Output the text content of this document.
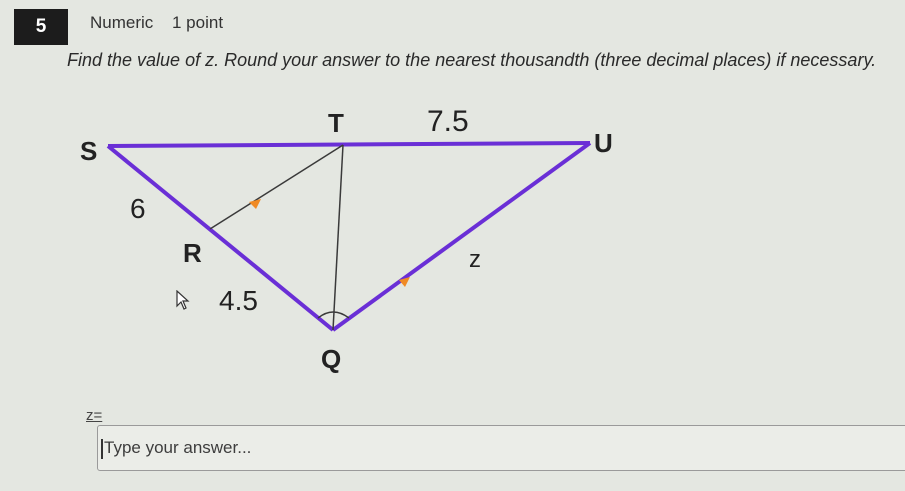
5	Numeric 1 point
Find the value of z. Round your answer to the nearest thousandth (three decimal places) if necessary.
S
T
U
R
Q
7.5
6
4.5
z
z=
Type your answer...
